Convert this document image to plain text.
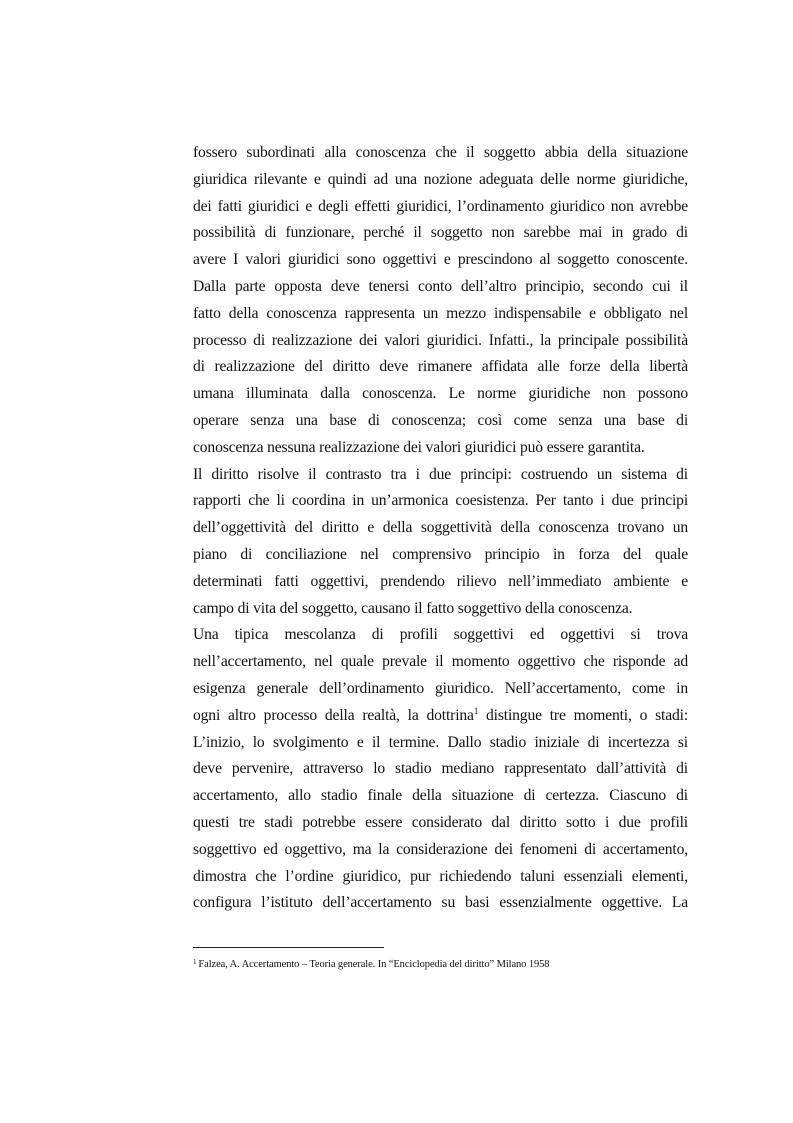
fossero subordinati alla conoscenza che il soggetto abbia della situazione
giuridica rilevante e quindi ad una nozione adeguata delle norme giuridiche,
dei fatti giuridici e degli effetti giuridici, l’ordinamento giuridico non avrebbe
possibilità di funzionare, perché il soggetto non sarebbe mai in grado di
avere I valori giuridici sono oggettivi e prescindono al soggetto conoscente.
Dalla parte opposta deve tenersi conto dell’altro principio, secondo cui il
fatto della conoscenza rappresenta un mezzo indispensabile e obbligato nel
processo di realizzazione dei valori giuridici. Infatti., la principale possibilità
di realizzazione del diritto deve rimanere affidata alle forze della libertà
umana illuminata dalla conoscenza. Le norme giuridiche non possono
operare senza una base di conoscenza; così come senza una base di
conoscenza nessuna realizzazione dei valori giuridici può essere garantita.
Il diritto risolve il contrasto tra i due principi: costruendo un sistema di
rapporti che li coordina in un’armonica coesistenza. Per tanto i due principi
dell’oggettività del diritto e della soggettività della conoscenza trovano un
piano di conciliazione nel comprensivo principio in forza del quale
determinati fatti oggettivi, prendendo rilievo nell’immediato ambiente e
campo di vita del soggetto, causano il fatto soggettivo della conoscenza.
Una tipica mescolanza di profili soggettivi ed oggettivi si trova
nell’accertamento, nel quale prevale il momento oggettivo che risponde ad
esigenza generale dell’ordinamento giuridico. Nell’accertamento, come in
ogni altro processo della realtà, la dottrina$^1$ distingue tre momenti, o stadi:
L’inizio, lo svolgimento e il termine. Dallo stadio iniziale di incertezza si
deve pervenire, attraverso lo stadio mediano rappresentato dall’attività di
accertamento, allo stadio finale della situazione di certezza. Ciascuno di
questi tre stadi potrebbe essere considerato dal diritto sotto i due profili
soggettivo ed oggettivo, ma la considerazione dei fenomeni di accertamento,
dimostra che l’ordine giuridico, pur richiedendo taluni essenziali elementi,
configura l’istituto dell’accertamento su basi essenzialmente oggettive. La
$^1$ Falzea, A. Accertamento – Teoria generale. In “Enciclopedia del diritto” Milano 1958
